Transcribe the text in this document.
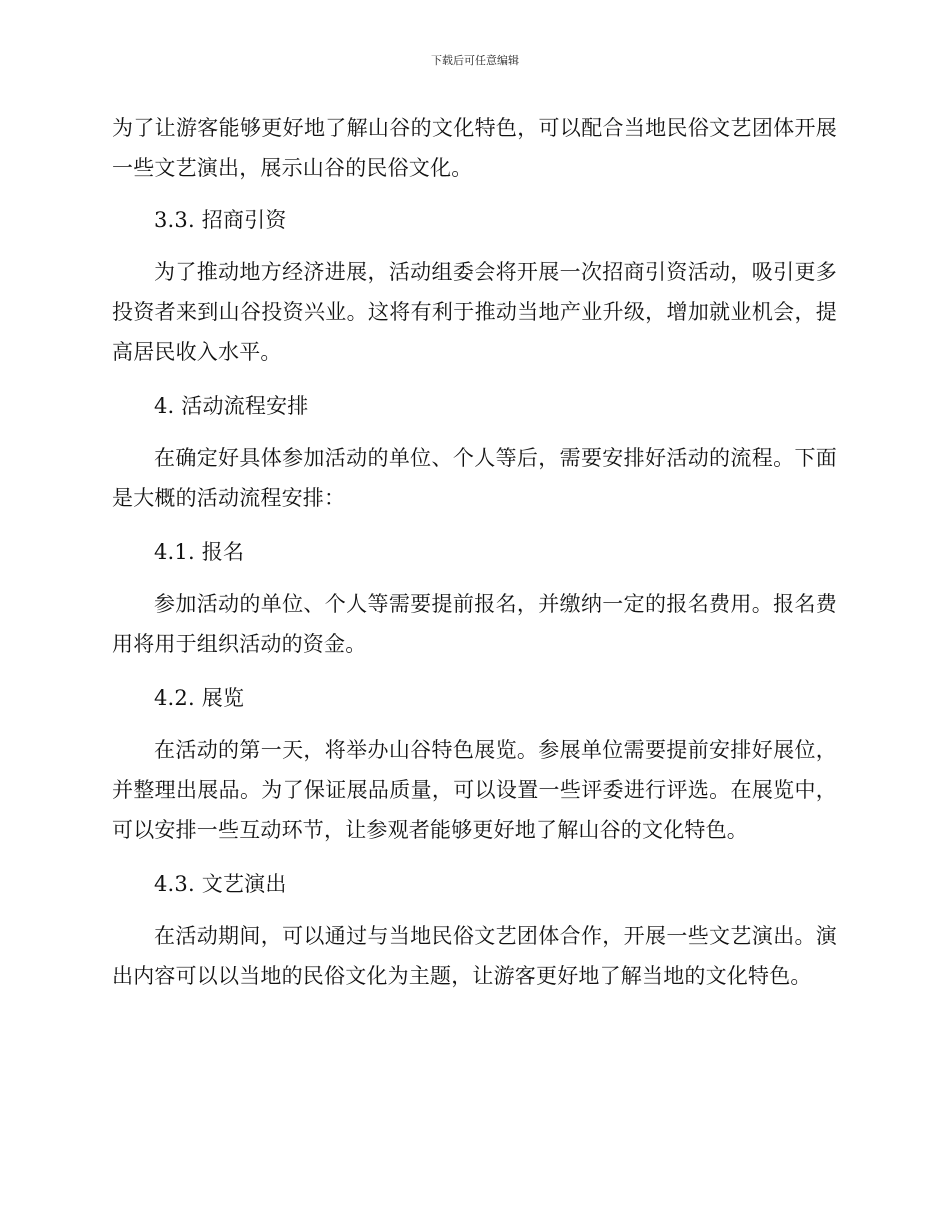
下载后可任意编辑

为了让游客能够更好地了解山谷的文化特色，可以配合当地民俗文艺团体开展一些文艺演出，展示山谷的民俗文化。

3.3. 招商引资

为了推动地方经济进展，活动组委会将开展一次招商引资活动，吸引更多投资者来到山谷投资兴业。这将有利于推动当地产业升级，增加就业机会，提高居民收入水平。

4. 活动流程安排

在确定好具体参加活动的单位、个人等后，需要安排好活动的流程。下面是大概的活动流程安排：

4.1. 报名

参加活动的单位、个人等需要提前报名，并缴纳一定的报名费用。报名费用将用于组织活动的资金。

4.2. 展览

在活动的第一天，将举办山谷特色展览。参展单位需要提前安排好展位，并整理出展品。为了保证展品质量，可以设置一些评委进行评选。在展览中，可以安排一些互动环节，让参观者能够更好地了解山谷的文化特色。

4.3. 文艺演出

在活动期间，可以通过与当地民俗文艺团体合作，开展一些文艺演出。演出内容可以以当地的民俗文化为主题，让游客更好地了解当地的文化特色。
